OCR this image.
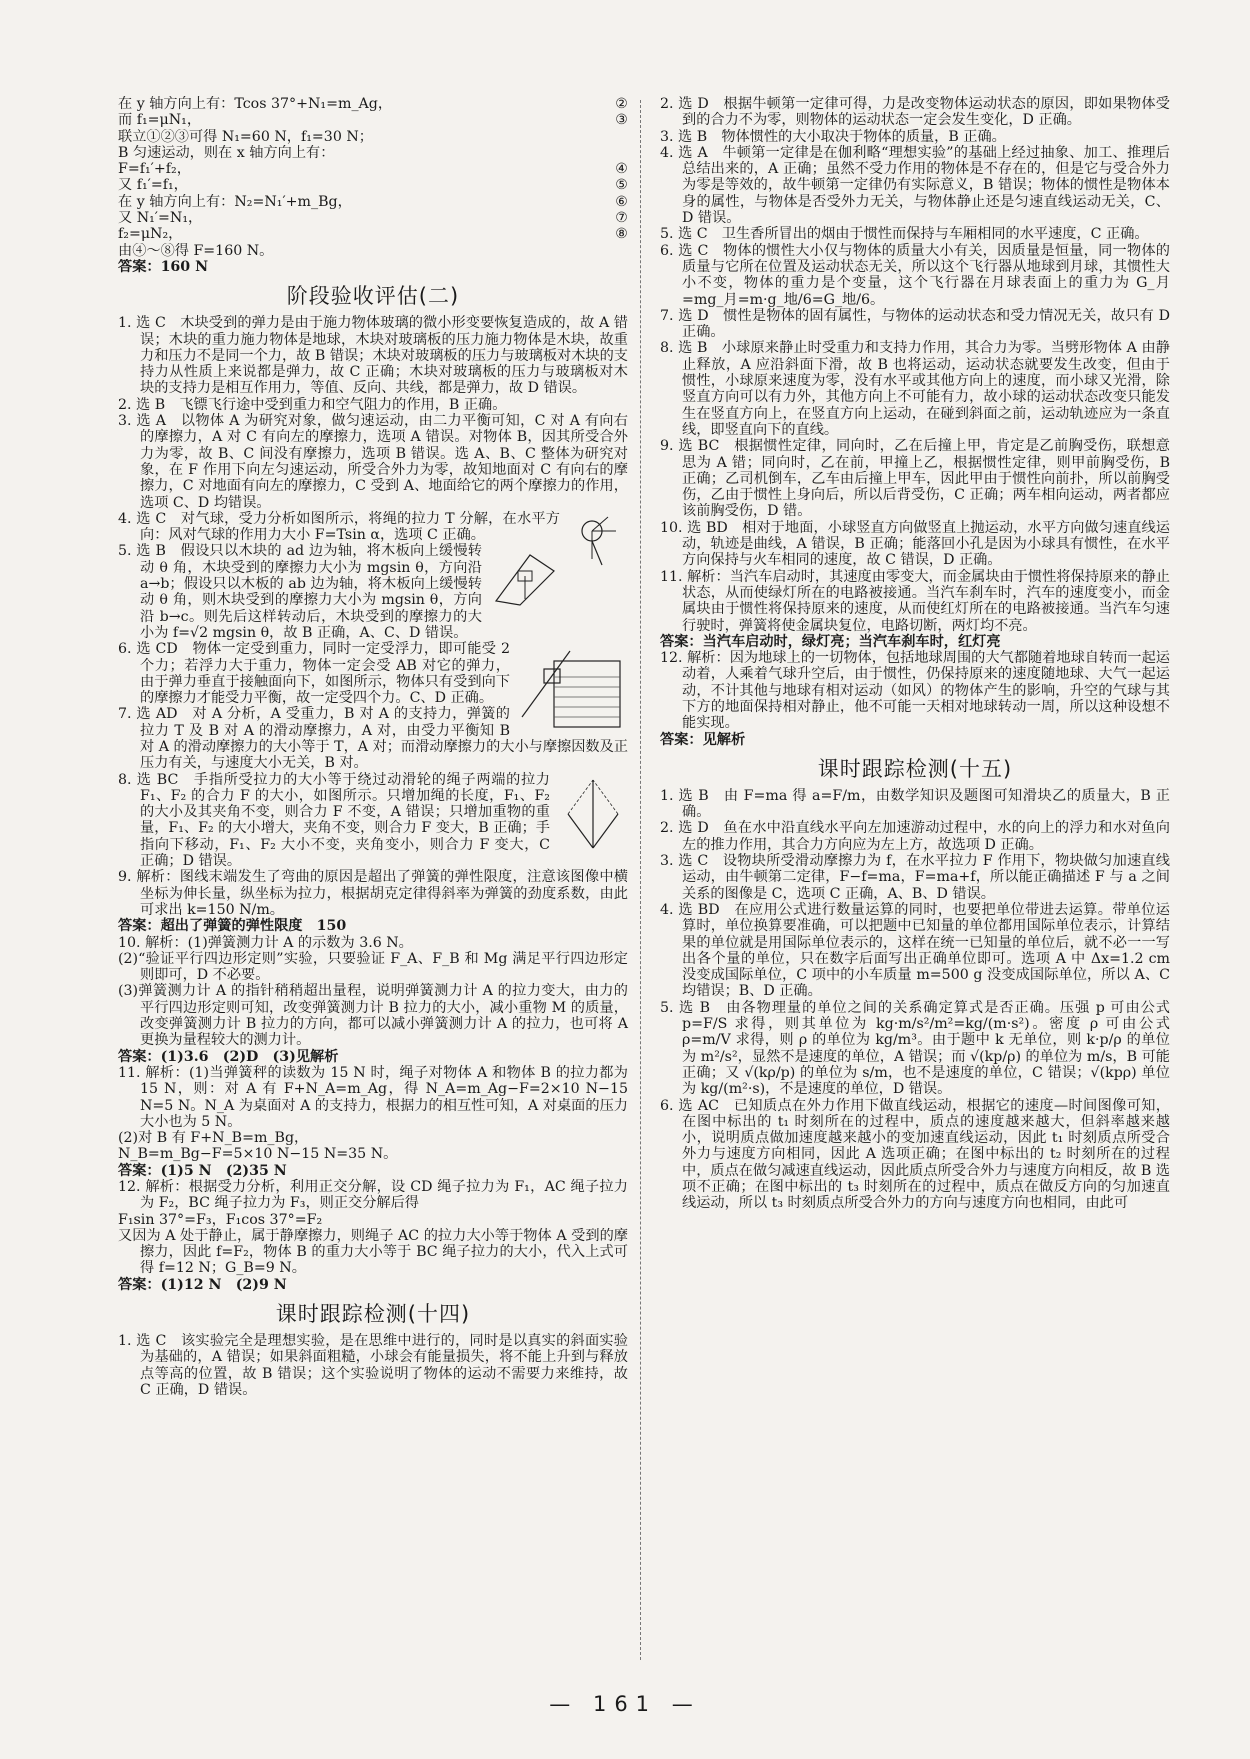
在 y 轴方向上有：Tcos 37°+N₁=m_Ag，	②
而 f₁=μN₁，	③
联立①②③可得 N₁=60 N，f₁=30 N；
B 匀速运动，则在 x 轴方向上有：
F=f₁′+f₂，	④
又 f₁′=f₁，	⑤
在 y 轴方向上有：N₂=N₁′+m_Bg，	⑥
又 N₁′=N₁，	⑦
f₂=μN₂，	⑧
由④～⑧得 F=160 N。
答案：160 N
阶段验收评估(二)
1. 选 C　木块受到的弹力是由于施力物体玻璃的微小形变要恢复造成的，故 A 错误；木块的重力施力物体是地球，木块对玻璃板的压力施力物体是木块，故重力和压力不是同一个力，故 B 错误；木块对玻璃板的压力与玻璃板对木块的支持力从性质上来说都是弹力，故 C 正确；木块对玻璃板的压力与玻璃板对木块的支持力是相互作用力，等值、反向、共线，都是弹力，故 D 错误。
2. 选 B　飞镖飞行途中受到重力和空气阻力的作用，B 正确。
3. 选 A　以物体 A 为研究对象，做匀速运动，由二力平衡可知，C 对 A 有向右的摩擦力，A 对 C 有向左的摩擦力，选项 A 错误。对物体 B，因其所受合外力为零，故 B、C 间没有摩擦力，选项 B 错误。选 A、B、C 整体为研究对象，在 F 作用下向左匀速运动，所受合外力为零，故知地面对 C 有向右的摩擦力，C 对地面有向左的摩擦力，C 受到 A、地面给它的两个摩擦力的作用，选项 C、D 均错误。
4. 选 C　对气球，受力分析如图所示，将绳的拉力 T 分解，在水平方向：风对气球的作用力大小 F=Tsin α，选项 C 正确。
5. 选 B　假设只以木块的 ad 边为轴，将木板向上缓慢转动 θ 角，木块受到的摩擦力大小为 mgsin θ，方向沿 a→b；假设只以木板的 ab 边为轴，将木板向上缓慢转动 θ 角，则木块受到的摩擦力大小为 mgsin θ，方向沿 b→c。则先后这样转动后，木块受到的摩擦力的大小为 f=√2 mgsin θ，故 B 正确，A、C、D 错误。
6. 选 CD　物体一定受到重力，同时一定受浮力，即可能受 2 个力；若浮力大于重力，物体一定会受 AB 对它的弹力，由于弹力垂直于接触面向下，如图所示，物体只有受到向下的摩擦力才能受力平衡，故一定受四个力。C、D 正确。
7. 选 AD　对 A 分析，A 受重力，B 对 A 的支持力，弹簧的拉力 T 及 B 对 A 的滑动摩擦力，A 对，由受力平衡知 B 对 A 的滑动摩擦力的大小等于 T，A 对；而滑动摩擦力的大小与摩擦因数及正压力有关，与速度大小无关，B 对。
8. 选 BC　手指所受拉力的大小等于绕过动滑轮的绳子两端的拉力 F₁、F₂ 的合力 F 的大小，如图所示。只增加绳的长度，F₁、F₂ 的大小及其夹角不变，则合力 F 不变，A 错误；只增加重物的重量，F₁、F₂ 的大小增大，夹角不变，则合力 F 变大，B 正确；手指向下移动，F₁、F₂ 大小不变，夹角变小，则合力 F 变大，C 正确；D 错误。
9. 解析：图线末端发生了弯曲的原因是超出了弹簧的弹性限度，注意该图像中横坐标为伸长量，纵坐标为拉力，根据胡克定律得斜率为弹簧的劲度系数，由此可求出 k=150 N/m。
答案：超出了弹簧的弹性限度　150
10. 解析：(1)弹簧测力计 A 的示数为 3.6 N。
(2)“验证平行四边形定则”实验，只要验证 F_A、F_B 和 Mg 满足平行四边形定则即可，D 不必要。
(3)弹簧测力计 A 的指针稍稍超出量程，说明弹簧测力计 A 的拉力变大，由力的平行四边形定则可知，改变弹簧测力计 B 拉力的大小，减小重物 M 的质量，改变弹簧测力计 B 拉力的方向，都可以减小弹簧测力计 A 的拉力，也可将 A 更换为量程较大的测力计。
答案：(1)3.6　(2)D　(3)见解析
11. 解析：(1)当弹簧秤的读数为 15 N 时，绳子对物体 A 和物体 B 的拉力都为 15 N，则：对 A 有 F+N_A=m_Ag，得 N_A=m_Ag−F=2×10 N−15 N=5 N。N_A 为桌面对 A 的支持力，根据力的相互性可知，A 对桌面的压力大小也为 5 N。
(2)对 B 有 F+N_B=m_Bg，
N_B=m_Bg−F=5×10 N−15 N=35 N。
答案：(1)5 N　(2)35 N
12. 解析：根据受力分析，利用正交分解，设 CD 绳子拉力为 F₁，AC 绳子拉力为 F₂，BC 绳子拉力为 F₃，则正交分解后得
F₁sin 37°=F₃，F₁cos 37°=F₂
又因为 A 处于静止，属于静摩擦力，则绳子 AC 的拉力大小等于物体 A 受到的摩擦力，因此 f=F₂，物体 B 的重力大小等于 BC 绳子拉力的大小，代入上式可得 f=12 N；G_B=9 N。
答案：(1)12 N　(2)9 N
课时跟踪检测(十四)
1. 选 C　该实验完全是理想实验，是在思维中进行的，同时是以真实的斜面实验为基础的，A 错误；如果斜面粗糙，小球会有能量损失，将不能上升到与释放点等高的位置，故 B 错误；这个实验说明了物体的运动不需要力来维持，故 C 正确，D 错误。
2. 选 D　根据牛顿第一定律可得，力是改变物体运动状态的原因，即如果物体受到的合力不为零，则物体的运动状态一定会发生变化，D 正确。
3. 选 B　物体惯性的大小取决于物体的质量，B 正确。
4. 选 A　牛顿第一定律是在伽利略“理想实验”的基础上经过抽象、加工、推理后总结出来的，A 正确；虽然不受力作用的物体是不存在的，但是它与受合外力为零是等效的，故牛顿第一定律仍有实际意义，B 错误；物体的惯性是物体本身的属性，与物体是否受外力无关，与物体静止还是匀速直线运动无关，C、D 错误。
5. 选 C　卫生香所冒出的烟由于惯性而保持与车厢相同的水平速度，C 正确。
6. 选 C　物体的惯性大小仅与物体的质量大小有关，因质量是恒量，同一物体的质量与它所在位置及运动状态无关，所以这个飞行器从地球到月球，其惯性大小不变，物体的重力是个变量，这个飞行器在月球表面上的重力为 G_月=mg_月=m·g_地/6=G_地/6。
7. 选 D　惯性是物体的固有属性，与物体的运动状态和受力情况无关，故只有 D 正确。
8. 选 B　小球原来静止时受重力和支持力作用，其合力为零。当劈形物体 A 由静止释放，A 应沿斜面下滑，故 B 也将运动，运动状态就要发生改变，但由于惯性，小球原来速度为零，没有水平或其他方向上的速度，而小球又光滑，除竖直方向可以有力外，其他方向上不可能有力，故小球的运动状态改变只能发生在竖直方向上，在竖直方向上运动，在碰到斜面之前，运动轨迹应为一条直线，即竖直向下的直线。
9. 选 BC　根据惯性定律，同向时，乙在后撞上甲，肯定是乙前胸受伤，联想意思为 A 错；同向时，乙在前，甲撞上乙，根据惯性定律，则甲前胸受伤，B 正确；乙司机倒车，乙车由后撞上甲车，因此甲由于惯性向前扑，所以前胸受伤，乙由于惯性上身向后，所以后背受伤，C 正确；两车相向运动，两者都应该前胸受伤，D 错。
10. 选 BD　相对于地面，小球竖直方向做竖直上抛运动，水平方向做匀速直线运动，轨迹是曲线，A 错误，B 正确；能落回小孔是因为小球具有惯性，在水平方向保持与火车相同的速度，故 C 错误，D 正确。
11. 解析：当汽车启动时，其速度由零变大，而金属块由于惯性将保持原来的静止状态，从而使绿灯所在的电路被接通。当汽车刹车时，汽车的速度变小，而金属块由于惯性将保持原来的速度，从而使红灯所在的电路被接通。当汽车匀速行驶时，弹簧将使金属块复位，电路切断，两灯均不亮。
答案：当汽车启动时，绿灯亮；当汽车刹车时，红灯亮
12. 解析：因为地球上的一切物体，包括地球周围的大气都随着地球自转而一起运动着，人乘着气球升空后，由于惯性，仍保持原来的速度随地球、大气一起运动，不计其他与地球有相对运动（如风）的物体产生的影响，升空的气球与其下方的地面保持相对静止，他不可能一天相对地球转动一周，所以这种设想不能实现。
答案：见解析
课时跟踪检测(十五)
1. 选 B　由 F=ma 得 a=F/m，由数学知识及题图可知滑块乙的质量大，B 正确。
2. 选 D　鱼在水中沿直线水平向左加速游动过程中，水的向上的浮力和水对鱼向左的推力作用，其合力方向应为左上方，故选项 D 正确。
3. 选 C　设物块所受滑动摩擦力为 f，在水平拉力 F 作用下，物块做匀加速直线运动，由牛顿第二定律，F−f=ma，F=ma+f，所以能正确描述 F 与 a 之间关系的图像是 C，选项 C 正确，A、B、D 错误。
4. 选 BD　在应用公式进行数量运算的同时，也要把单位带进去运算。带单位运算时，单位换算要准确，可以把题中已知量的单位都用国际单位表示，计算结果的单位就是用国际单位表示的，这样在统一已知量的单位后，就不必一一写出各个量的单位，只在数字后面写出正确单位即可。选项 A 中 Δx=1.2 cm 没变成国际单位，C 项中的小车质量 m=500 g 没变成国际单位，所以 A、C 均错误；B、D 正确。
5. 选 B　由各物理量的单位之间的关系确定算式是否正确。压强 p 可由公式 p=F/S 求得，则其单位为 kg·m/s²/m²=kg/(m·s²)。密度 ρ 可由公式 ρ=m/V 求得，则 ρ 的单位为 kg/m³。由于题中 k 无单位，则 k·p/ρ 的单位为 m²/s²，显然不是速度的单位，A 错误；而 √(kp/ρ) 的单位为 m/s，B 可能正确；又 √(kρ/p) 的单位为 s/m，也不是速度的单位，C 错误；√(kpρ) 单位为 kg/(m²·s)，不是速度的单位，D 错误。
6. 选 AC　已知质点在外力作用下做直线运动，根据它的速度—时间图像可知，在图中标出的 t₁ 时刻所在的过程中，质点的速度越来越大，但斜率越来越小，说明质点做加速度越来越小的变加速直线运动，因此 t₁ 时刻质点所受合外力与速度方向相同，因此 A 选项正确；在图中标出的 t₂ 时刻所在的过程中，质点在做匀减速直线运动，因此质点所受合外力与速度方向相反，故 B 选项不正确；在图中标出的 t₃ 时刻所在的过程中，质点在做反方向的匀加速直线运动，所以 t₃ 时刻质点所受合外力的方向与速度方向也相同，由此可
— 161 —
